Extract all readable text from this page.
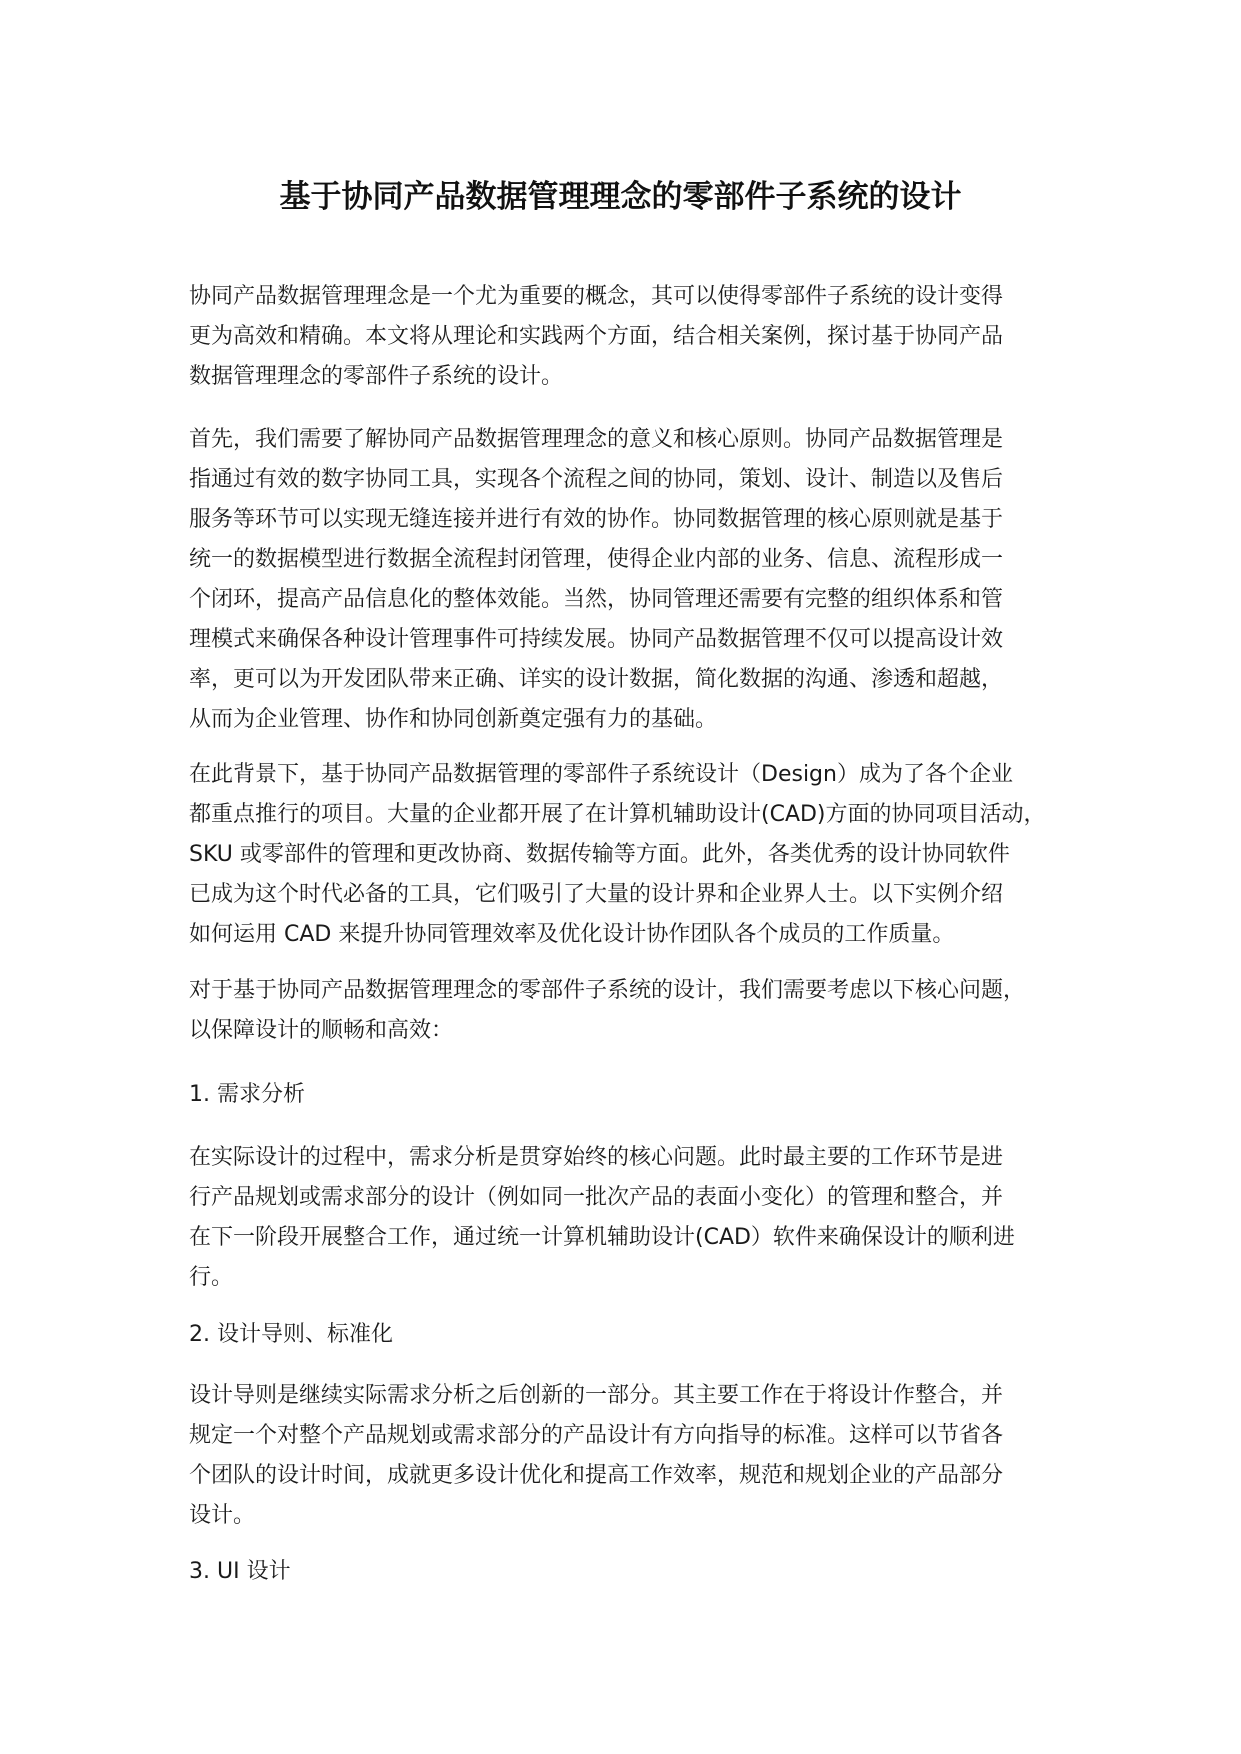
基于协同产品数据管理理念的零部件子系统的设计
协同产品数据管理理念是一个尤为重要的概念，其可以使得零部件子系统的设计变得
更为高效和精确。本文将从理论和实践两个方面，结合相关案例，探讨基于协同产品
数据管理理念的零部件子系统的设计。
首先，我们需要了解协同产品数据管理理念的意义和核心原则。协同产品数据管理是
指通过有效的数字协同工具，实现各个流程之间的协同，策划、设计、制造以及售后
服务等环节可以实现无缝连接并进行有效的协作。协同数据管理的核心原则就是基于
统一的数据模型进行数据全流程封闭管理，使得企业内部的业务、信息、流程形成一
个闭环，提高产品信息化的整体效能。当然，协同管理还需要有完整的组织体系和管
理模式来确保各种设计管理事件可持续发展。协同产品数据管理不仅可以提高设计效
率，更可以为开发团队带来正确、详实的设计数据，简化数据的沟通、渗透和超越，
从而为企业管理、协作和协同创新奠定强有力的基础。
在此背景下，基于协同产品数据管理的零部件子系统设计（Design）成为了各个企业
都重点推行的项目。大量的企业都开展了在计算机辅助设计(CAD)方面的协同项目活动，
SKU 或零部件的管理和更改协商、数据传输等方面。此外，各类优秀的设计协同软件
已成为这个时代必备的工具，它们吸引了大量的设计界和企业界人士。以下实例介绍
如何运用 CAD 来提升协同管理效率及优化设计协作团队各个成员的工作质量。
对于基于协同产品数据管理理念的零部件子系统的设计，我们需要考虑以下核心问题，
以保障设计的顺畅和高效：
1. 需求分析
在实际设计的过程中，需求分析是贯穿始终的核心问题。此时最主要的工作环节是进
行产品规划或需求部分的设计（例如同一批次产品的表面小变化）的管理和整合，并
在下一阶段开展整合工作，通过统一计算机辅助设计(CAD）软件来确保设计的顺利进
行。
2. 设计导则、标准化
设计导则是继续实际需求分析之后创新的一部分。其主要工作在于将设计作整合，并
规定一个对整个产品规划或需求部分的产品设计有方向指导的标准。这样可以节省各
个团队的设计时间，成就更多设计优化和提高工作效率，规范和规划企业的产品部分
设计。
3. UI 设计
